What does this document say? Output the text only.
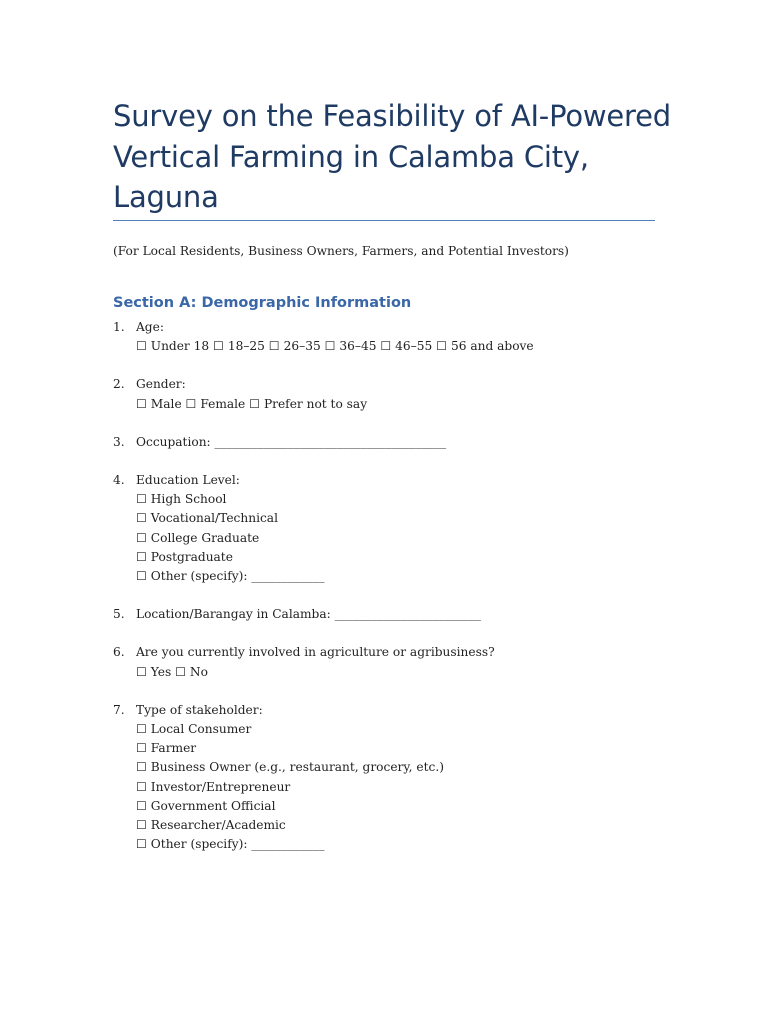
Survey on the Feasibility of AI-Powered Vertical Farming in Calamba City, Laguna

(For Local Residents, Business Owners, Farmers, and Potential Investors)

Section A: Demographic Information
1. Age:
☐ Under 18 ☐ 18–25 ☐ 26–35 ☐ 36–45 ☐ 46–55 ☐ 56 and above
2. Gender:
☐ Male ☐ Female ☐ Prefer not to say
3. Occupation: ______________________________________
4. Education Level:
☐ High School
☐ Vocational/Technical
☐ College Graduate
☐ Postgraduate
☐ Other (specify): ____________
5. Location/Barangay in Calamba: ________________________
6. Are you currently involved in agriculture or agribusiness?
☐ Yes ☐ No
7. Type of stakeholder:
☐ Local Consumer
☐ Farmer
☐ Business Owner (e.g., restaurant, grocery, etc.)
☐ Investor/Entrepreneur
☐ Government Official
☐ Researcher/Academic
☐ Other (specify): ____________
